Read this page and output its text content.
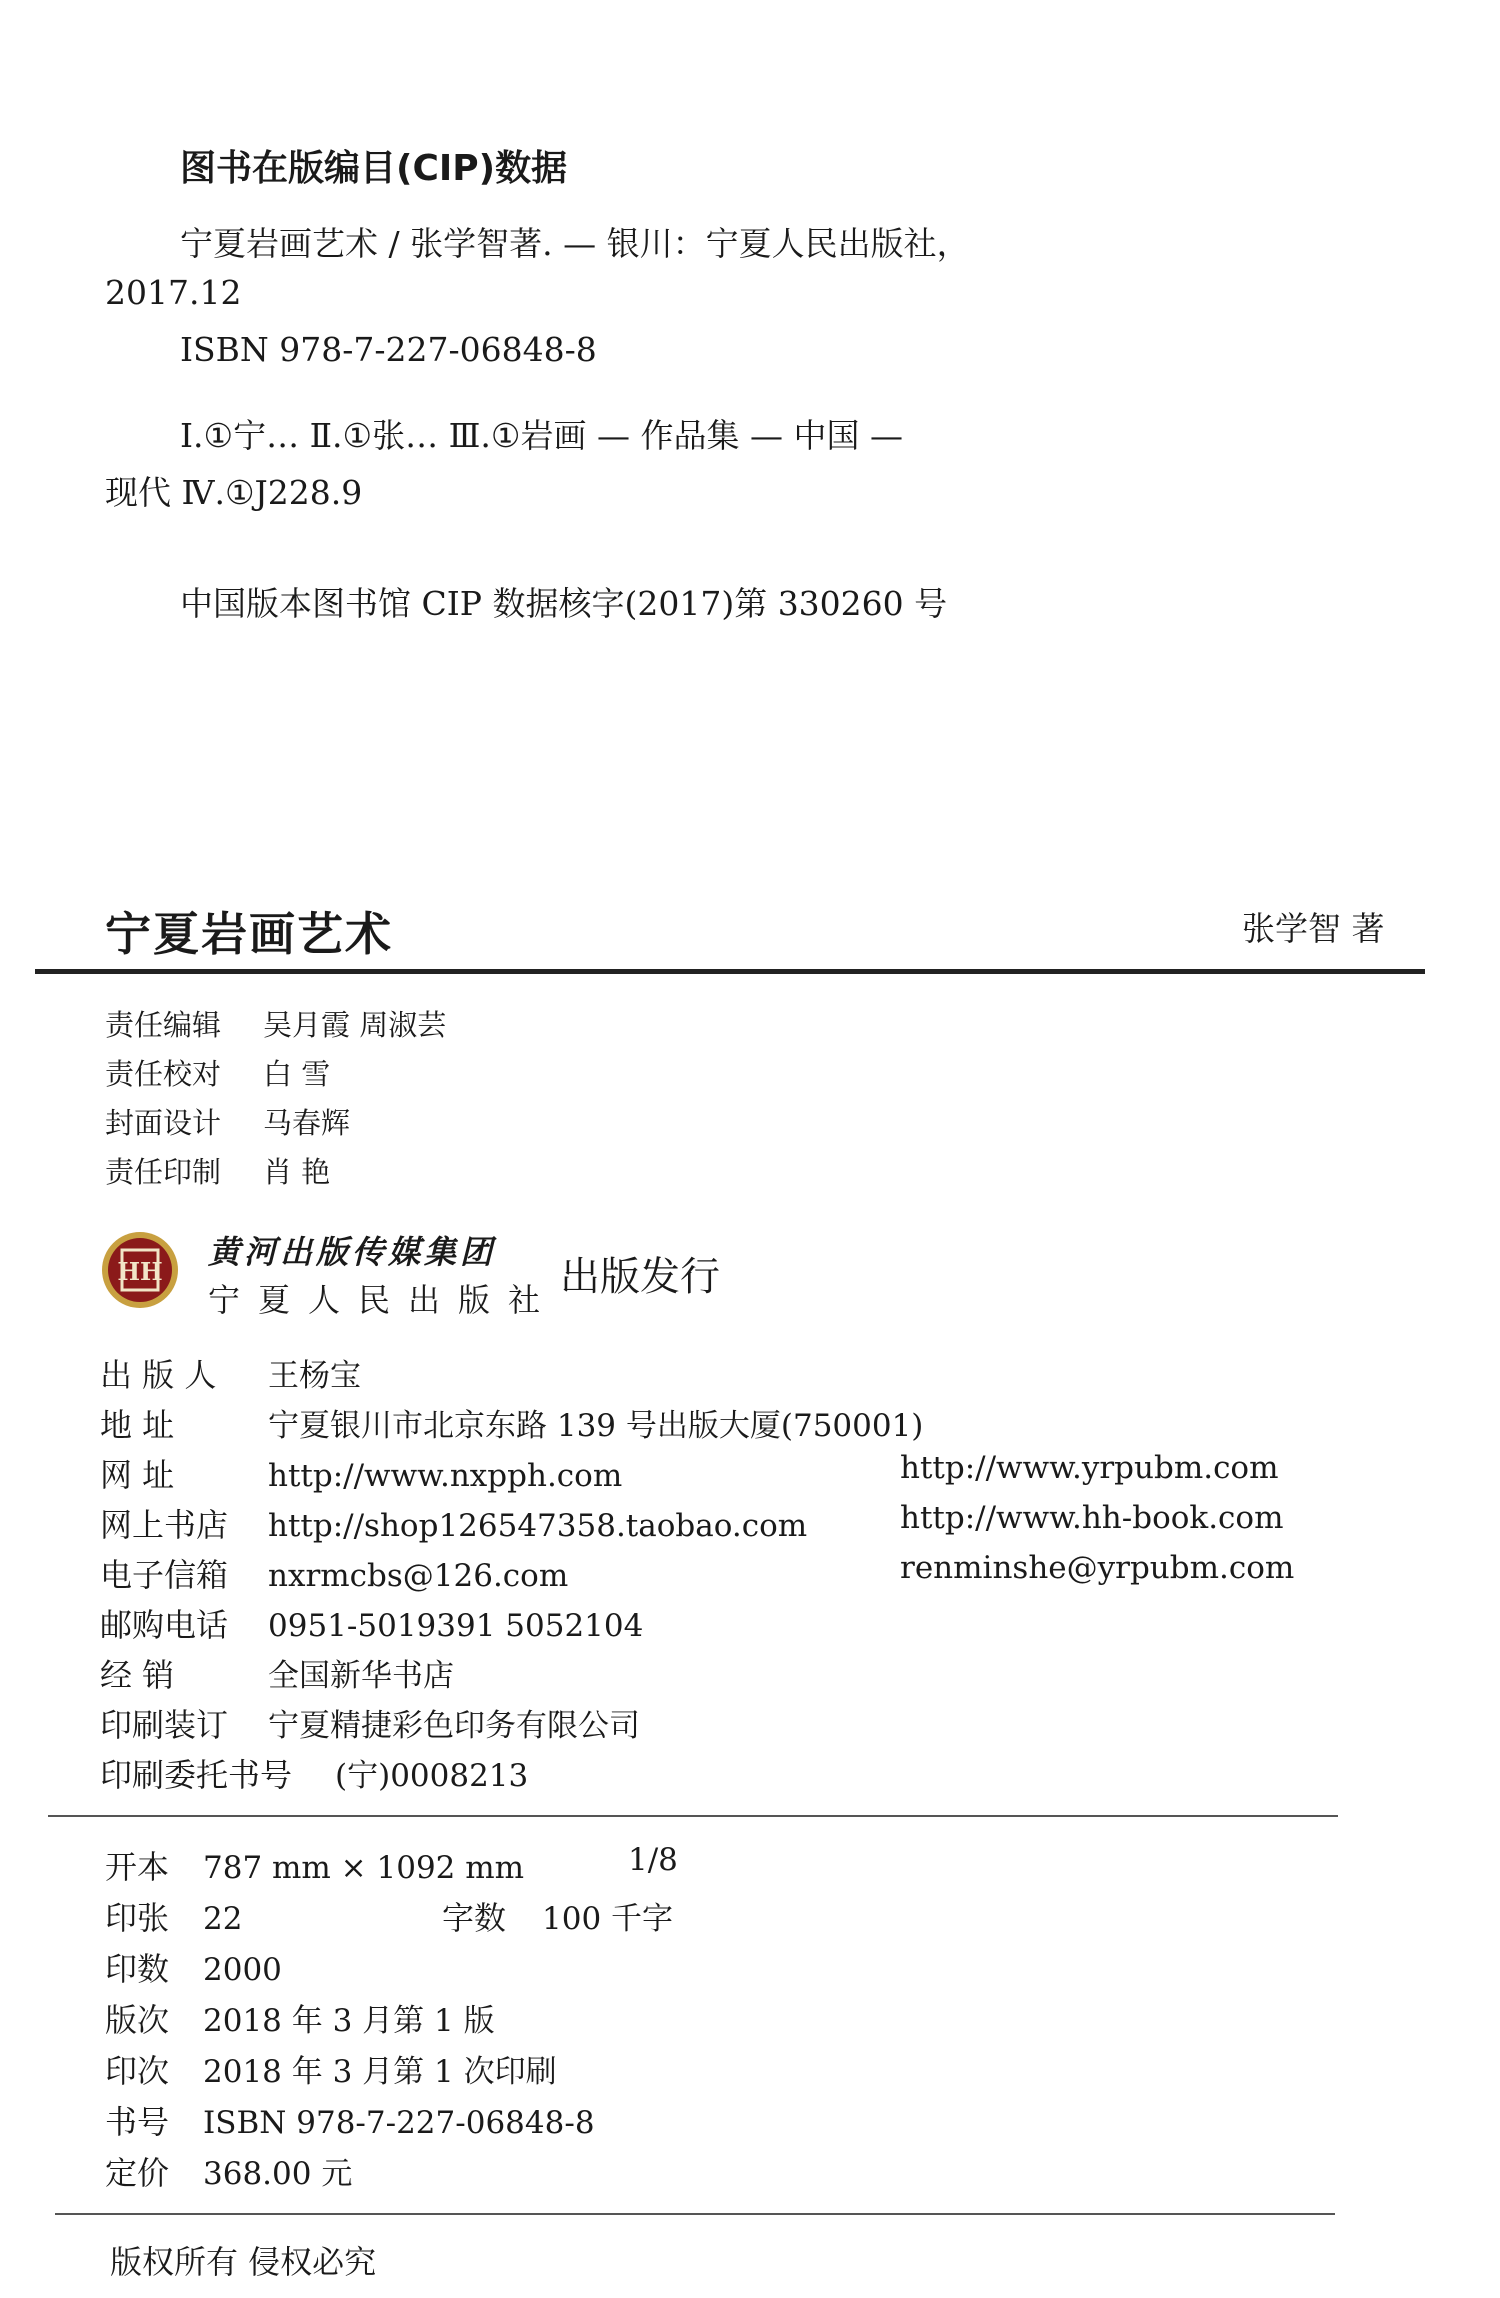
图书在版编目(CIP)数据
宁夏岩画艺术 / 张学智著. — 银川：宁夏人民出版社，
2017.12
ISBN 978-7-227-06848-8
Ⅰ.①宁… Ⅱ.①张… Ⅲ.①岩画 — 作品集 — 中国 —
现代 Ⅳ.①J228.9
中国版本图书馆 CIP 数据核字(2017)第 330260 号
宁夏岩画艺术	张学智 著
责任编辑 吴月霞 周淑芸
责任校对 白 雪
封面设计 马春辉
责任印制 肖 艳
HH
黄河出版传媒集团
宁夏人民出版社 出版发行
出 版 人 王杨宝
地 址	宁夏银川市北京东路 139 号出版大厦(750001)
网 址	http://www.nxpph.com	http://www.yrpubm.com
网上书店 http://shop126547358.taobao.com	http://www.hh-book.com
电子信箱 nxrmcbs@126.com	renminshe@yrpubm.com
邮购电话 0951-5019391 5052104
经 销	全国新华书店
印刷装订 宁夏精捷彩色印务有限公司
印刷委托书号 (宁)0008213
开本 787 mm × 1092 mm	1/8
印张 22	字数 100 千字
印数 2000
版次 2018 年 3 月第 1 版
印次 2018 年 3 月第 1 次印刷
书号 ISBN 978-7-227-06848-8
定价 368.00 元
版权所有 侵权必究
